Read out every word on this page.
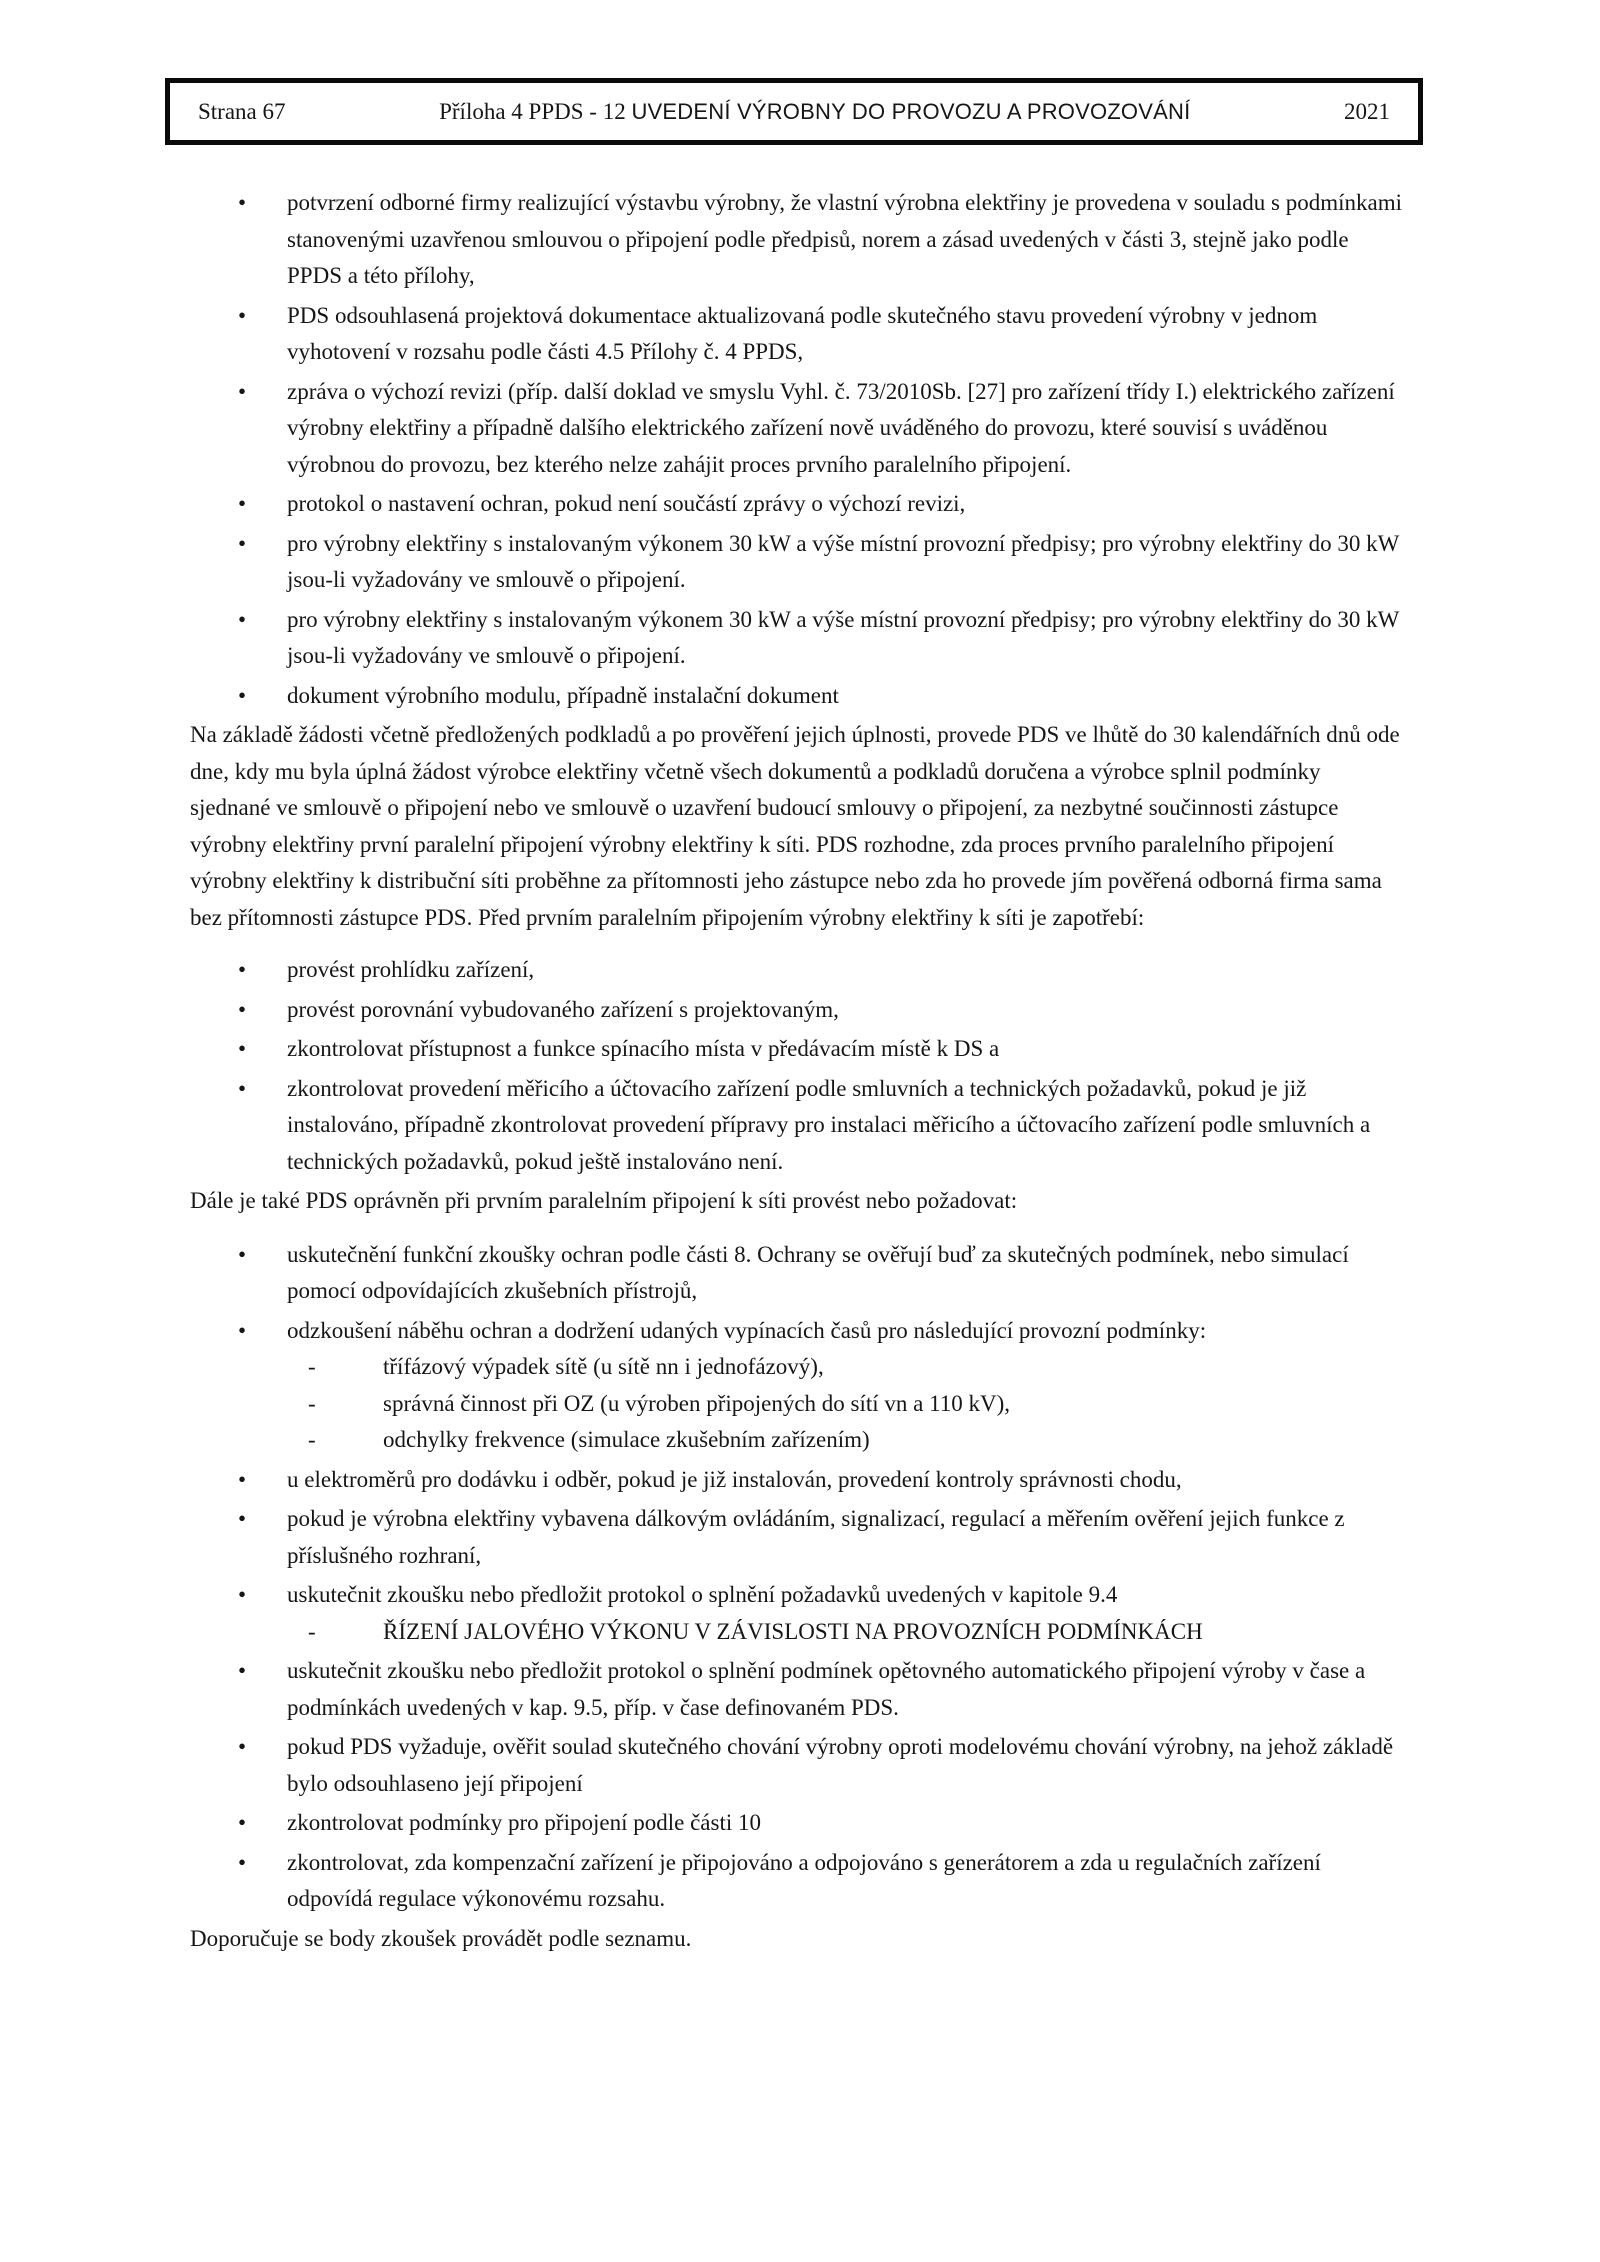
Strana 67	Příloha 4 PPDS - 12 UVEDENÍ VÝROBNY DO PROVOZU A PROVOZOVÁNÍ	2021
• potvrzení odborné firmy realizující výstavbu výrobny, že vlastní výrobna elektřiny je provedena v souladu s podmínkami stanovenými uzavřenou smlouvou o připojení podle předpisů, norem a zásad uvedených v části 3, stejně jako podle PPDS a této přílohy,
• PDS odsouhlasená projektová dokumentace aktualizovaná podle skutečného stavu provedení výrobny v jednom vyhotovení v rozsahu podle části 4.5 Přílohy č. 4 PPDS,
• zpráva o výchozí revizi (příp. další doklad ve smyslu Vyhl. č. 73/2010Sb. [27] pro zařízení třídy I.) elektrického zařízení výrobny elektřiny a případně dalšího elektrického zařízení nově uváděného do provozu, které souvisí s uváděnou výrobnou do provozu, bez kterého nelze zahájit proces prvního paralelního připojení.
• protokol o nastavení ochran, pokud není součástí zprávy o výchozí revizi,
• pro výrobny elektřiny s instalovaným výkonem 30 kW a výše místní provozní předpisy; pro výrobny elektřiny do 30 kW jsou-li vyžadovány ve smlouvě o připojení.
• pro výrobny elektřiny s instalovaným výkonem 30 kW a výše místní provozní předpisy; pro výrobny elektřiny do 30 kW jsou-li vyžadovány ve smlouvě o připojení.
• dokument výrobního modulu, případně instalační dokument

Na základě žádosti včetně předložených podkladů a po prověření jejich úplnosti, provede PDS ve lhůtě do 30 kalendářních dnů ode dne, kdy mu byla úplná žádost výrobce elektřiny včetně všech dokumentů a podkladů doručena a výrobce splnil podmínky sjednané ve smlouvě o připojení nebo ve smlouvě o uzavření budoucí smlouvy o připojení, za nezbytné součinnosti zástupce výrobny elektřiny první paralelní připojení výrobny elektřiny k síti. PDS rozhodne, zda proces prvního paralelního připojení výrobny elektřiny k distribuční síti proběhne za přítomnosti jeho zástupce nebo zda ho provede jím pověřená odborná firma sama bez přítomnosti zástupce PDS. Před prvním paralelním připojením výrobny elektřiny k síti je zapotřebí:

• provést prohlídku zařízení,
• provést porovnání vybudovaného zařízení s projektovaným,
• zkontrolovat přístupnost a funkce spínacího místa v předávacím místě k DS a
• zkontrolovat provedení měřicího a účtovacího zařízení podle smluvních a technických požadavků, pokud je již instalováno, případně zkontrolovat provedení přípravy pro instalaci měřicího a účtovacího zařízení podle smluvních a technických požadavků, pokud ještě instalováno není.

Dále je také PDS oprávněn při prvním paralelním připojení k síti provést nebo požadovat:

• uskutečnění funkční zkoušky ochran podle části 8. Ochrany se ověřují buď za skutečných podmínek, nebo simulací pomocí odpovídajících zkušebních přístrojů,
• odzkoušení náběhu ochran a dodržení udaných vypínacích časů pro následující provozní podmínky:
- třífázový výpadek sítě (u sítě nn i jednofázový),
- správná činnost při OZ (u výroben připojených do sítí vn a 110 kV),
- odchylky frekvence (simulace zkušebním zařízením)
• u elektroměrů pro dodávku i odběr, pokud je již instalován, provedení kontroly správnosti chodu,
• pokud je výrobna elektřiny vybavena dálkovým ovládáním, signalizací, regulací a měřením ověření jejich funkce z příslušného rozhraní,
• uskutečnit zkoušku nebo předložit protokol o splnění požadavků uvedených v kapitole 9.4
- ŘÍZENÍ JALOVÉHO VÝKONU V ZÁVISLOSTI NA PROVOZNÍCH PODMÍNKÁCH
• uskutečnit zkoušku nebo předložit protokol o splnění podmínek opětovného automatického připojení výroby v čase a podmínkách uvedených v kap. 9.5, příp. v čase definovaném PDS.
• pokud PDS vyžaduje, ověřit soulad skutečného chování výrobny oproti modelovému chování výrobny, na jehož základě bylo odsouhlaseno její připojení
• zkontrolovat podmínky pro připojení podle části 10
• zkontrolovat, zda kompenzační zařízení je připojováno a odpojováno s generátorem a zda u regulačních zařízení odpovídá regulace výkonovému rozsahu.

Doporučuje se body zkoušek provádět podle seznamu.
